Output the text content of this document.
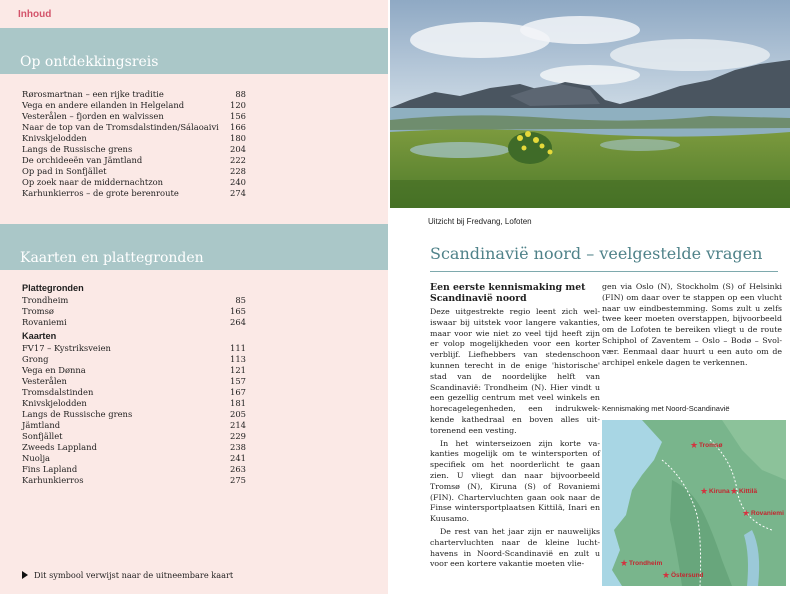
Inhoud
Op ontdekkingsreis
Rørosmartnan – een rijke traditie	88
Vega en andere eilanden in Helgeland	120
Vesterålen – fjorden en walvissen	156
Naar de top van de Tromsdalstinden/Sálaoaivi 166
Knivskjelodden	180
Langs de Russische grens	204
De orchideeën van Jämtland	222
Op pad in Sonfjället	228
Op zoek naar de middernachtzon	240
Karhunkierros – de grote berenroute	274
Kaarten en plattegronden
Plattegronden
Trondheim	85
Tromsø	165
Rovaniemi	264
Kaarten
FV17 – Kystriksveien	111
Grong	113
Vega en Dønna	121
Vesterålen	157
Tromsdalstinden	167
Knivskjelodden	181
Langs de Russische grens	205
Jämtland	214
Sonfjället	229
Zweeds Lappland	238
Nuolja	241
Fins Lapland	263
Karhunkierros	275
Dit symbool verwijst naar de uitneembare kaart
Uitzicht bij Fredvang, Lofoten
Scandinavië noord – veelgestelde vragen
Een eerste kennismaking met Scandinavië noord

Deze uitgestrekte regio leent zich weliswaar bij uitstek voor langere vakanties, maar voor wie niet zo veel tijd heeft zijn er volop mogelijkheden voor een korter verblijf. Liefhebbers van stedenschoon kunnen terecht in de enige 'historische' stad van de noordelijke helft van Scandinavië: Trondheim (N). Hier vindt u een gezellig centrum met veel winkels en horecagelegenheden, een indrukwekkende kathedraal en boven alles uittorenend een vesting.

In het winterseizoen zijn korte vakanties mogelijk om te wintersporten of specifiek om het noorderlicht te gaan zien. U vliegt dan naar bijvoorbeeld Tromsø (N), Kiruna (S) of Rovaniemi (FIN). Chartervluchten gaan ook naar de Finse wintersportplaatsen Kittilä, Inari en Kuusamo.

De rest van het jaar zijn er nauwelijks chartervluchten naar de kleine luchthavens in Noord-Scandinavië en zult u voor een kortere vakantie moeten vlie-

gen via Oslo (N), Stockholm (S) of Helsinki (FIN) om daar over te stappen op een vlucht naar uw eindbestemming. Soms zult u zelfs twee keer moeten overstappen, bijvoorbeeld om de Lofoten te bereiken vliegt u de route Schiphol of Zaventem – Oslo – Bodø – Svolvær. Eenmaal daar huurt u een auto om de archipel enkele dagen te verkennen.

Kennismaking met Noord-Scandinavië
★ Tromsø
★ Kiruna ★ Kittilä
★ Rovaniemi
★ Trondheim
★ Östersund
